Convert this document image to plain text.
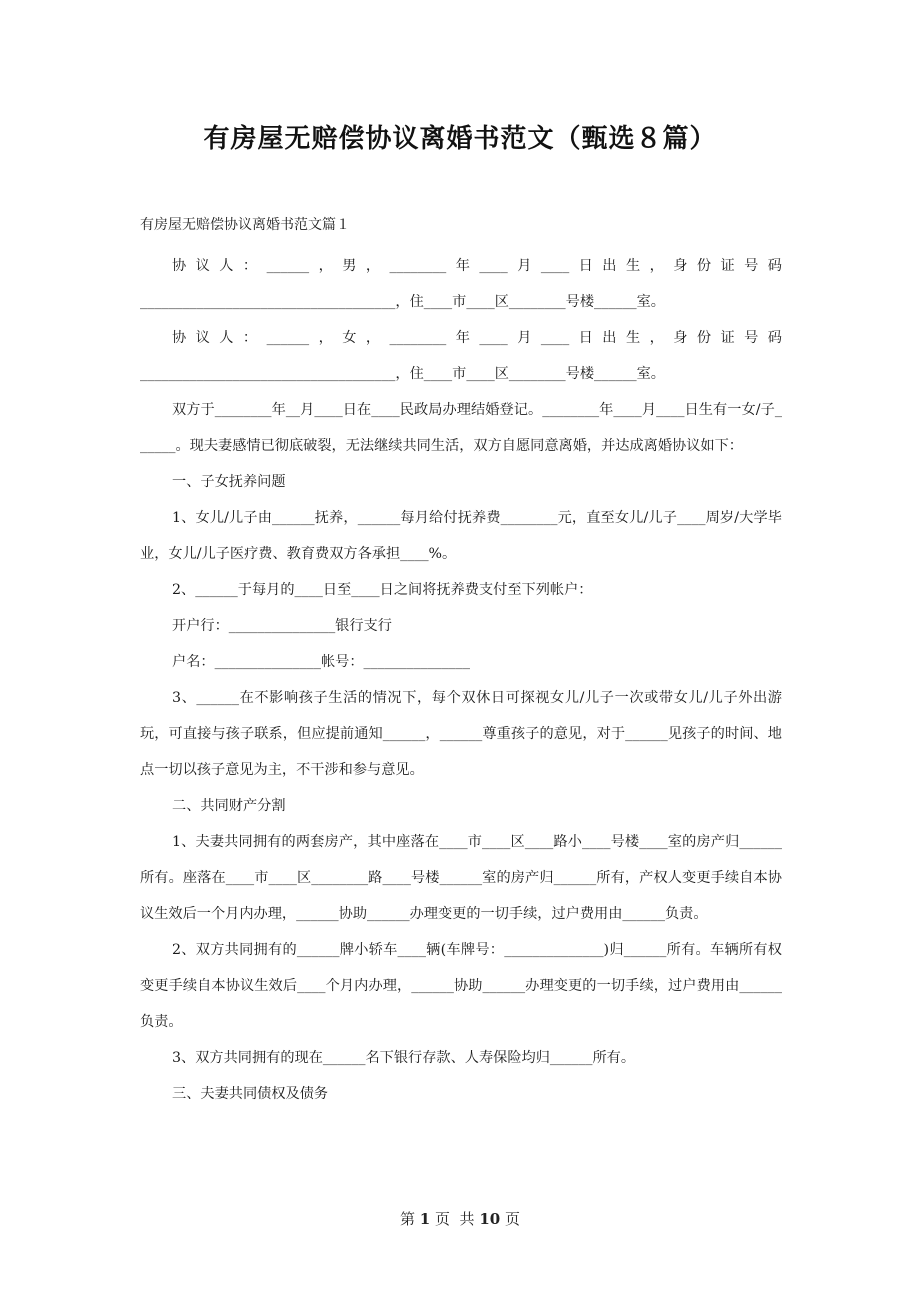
有房屋无赔偿协议离婚书范文（甄选８篇）
有房屋无赔偿协议离婚书范文篇１

协议人：______，男，________年____月____日出生，身份证号码

____________________________________，住____市____区________号楼______室。

协议人：______，女，________年____月____日出生，身份证号码

____________________________________，住____市____区________号楼______室。

双方于________年__月____日在____民政局办理结婚登记。________年____月____日生有一女/子______。现夫妻感情已彻底破裂，无法继续共同生活，双方自愿同意离婚，并达成离婚协议如下：

一、子女抚养问题

1、女儿/儿子由______抚养，______每月给付抚养费________元，直至女儿/儿子____周岁/大学毕业，女儿/儿子医疗费、教育费双方各承担____%。

2、______于每月的____日至____日之间将抚养费支付至下列帐户：

开户行：_______________银行支行

户名：_______________帐号：_______________

3、______在不影响孩子生活的情况下，每个双休日可探视女儿/儿子一次或带女儿/儿子外出游玩，可直接与孩子联系，但应提前通知______，______尊重孩子的意见，对于______见孩子的时间、地点一切以孩子意见为主，不干涉和参与意见。

二、共同财产分割

1、夫妻共同拥有的两套房产，其中座落在____市____区____路小____号楼____室的房产归______所有。座落在____市____区________路____号楼______室的房产归______所有，产权人变更手续自本协议生效后一个月内办理，______协助______办理变更的一切手续，过户费用由______负责。

2、双方共同拥有的______牌小轿车____辆(车牌号：______________)归______所有。车辆所有权变更手续自本协议生效后____个月内办理，______协助______办理变更的一切手续，过户费用由______负责。

3、双方共同拥有的现在______名下银行存款、人寿保险均归______所有。

三、夫妻共同债权及债务

第 1 页  共 10 页
